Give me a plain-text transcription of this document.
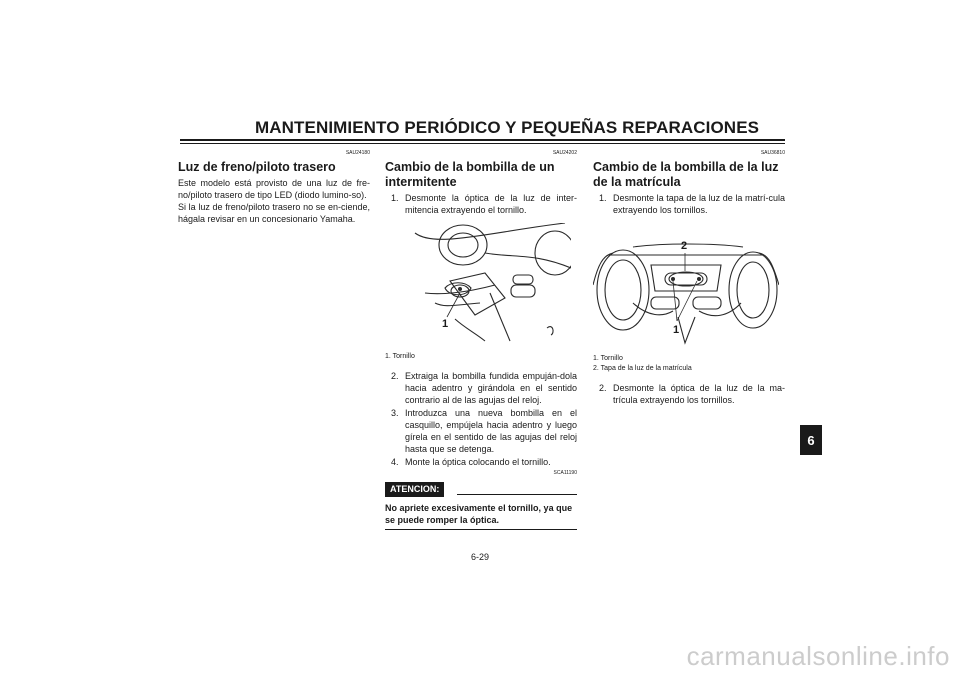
MANTENIMIENTO PERIÓDICO Y PEQUEÑAS REPARACIONES
SAU24180
Luz de freno/piloto trasero

Este modelo está provisto de una luz de fre-no/piloto trasero de tipo LED (diodo lumino-so).

Si la luz de freno/piloto trasero no se en-ciende, hágala revisar en un concesionario Yamaha.

SAU24202
Cambio de la bombilla de un intermitente
1. Desmonte la óptica de la luz de inter-mitencia extrayendo el tornillo.
1
1. Tornillo
2. Extraiga la bombilla fundida empuján-dola hacia adentro y girándola en el sentido contrario al de las agujas del reloj.
3. Introduzca una nueva bombilla en el casquillo, empújela hacia adentro y luego gírela en el sentido de las agujas del reloj hasta que se detenga.
4. Monte la óptica colocando el tornillo.
SCA11190
ATENCION:
No apriete excesivamente el tornillo, ya que se puede romper la óptica.
SAU36810
Cambio de la bombilla de la luz de la matrícula
1. Desmonte la tapa de la luz de la matrí-cula extrayendo los tornillos.
2
1
1. Tornillo
2. Tapa de la luz de la matrícula
2. Desmonte la óptica de la luz de la ma-trícula extrayendo los tornillos.
6
6-29
carmanualsonline.info
